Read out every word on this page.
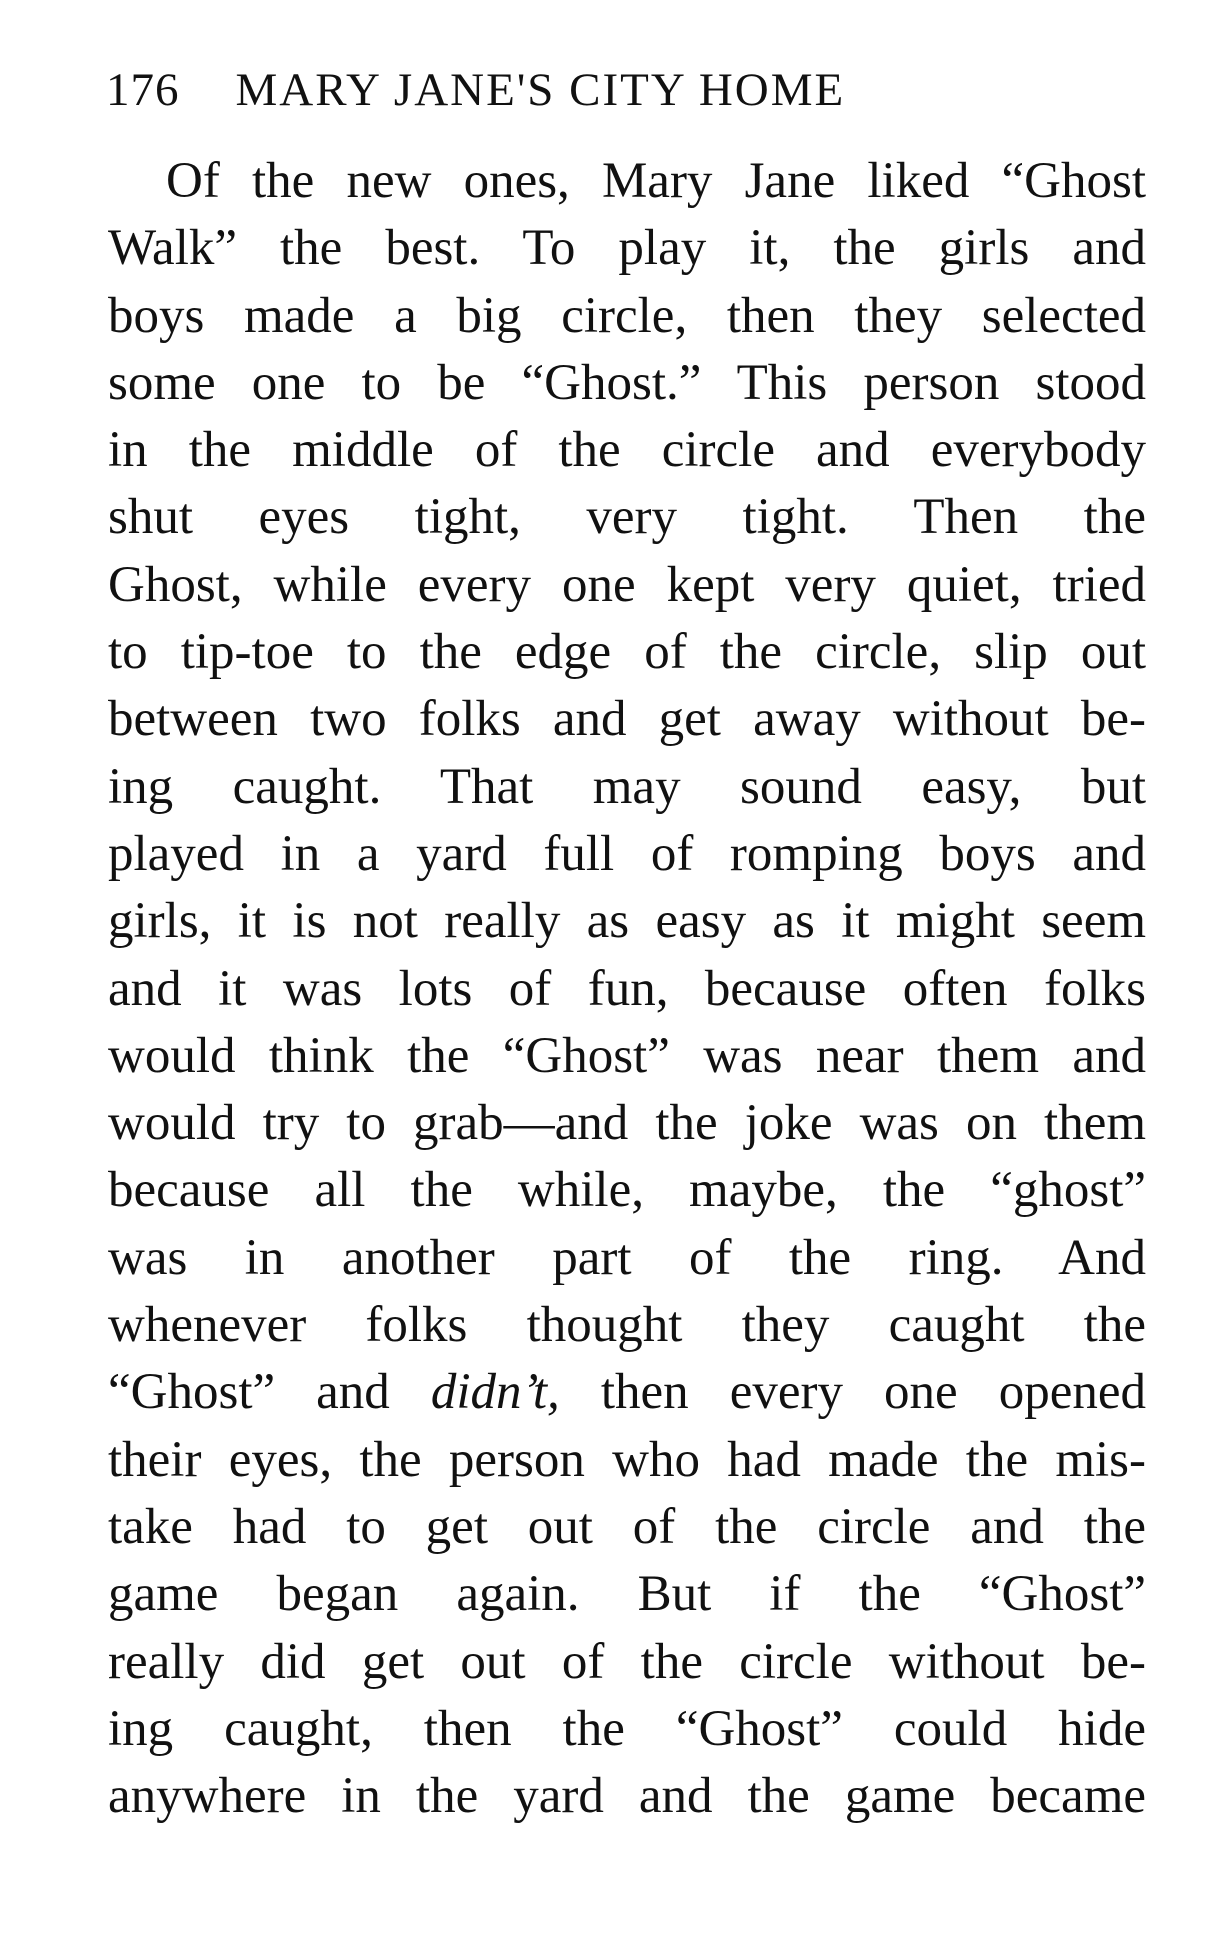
176 MARY JANE'S CITY HOME
Of the new ones, Mary Jane liked “Ghost
Walk” the best. To play it, the girls and
boys made a big circle, then they selected
some one to be “Ghost.” This person stood
in the middle of the circle and everybody
shut eyes tight, very tight. Then the
Ghost, while every one kept very quiet, tried
to tip-toe to the edge of the circle, slip out
between two folks and get away without be-
ing caught. That may sound easy, but
played in a yard full of romping boys and
girls, it is not really as easy as it might seem
and it was lots of fun, because often folks
would think the “Ghost” was near them and
would try to grab—and the joke was on them
because all the while, maybe, the “ghost”
was in another part of the ring. And
whenever folks thought they caught the
“Ghost” and didn’t, then every one opened
their eyes, the person who had made the mis-
take had to get out of the circle and the
game began again. But if the “Ghost”
really did get out of the circle without be-
ing caught, then the “Ghost” could hide
anywhere in the yard and the game became
